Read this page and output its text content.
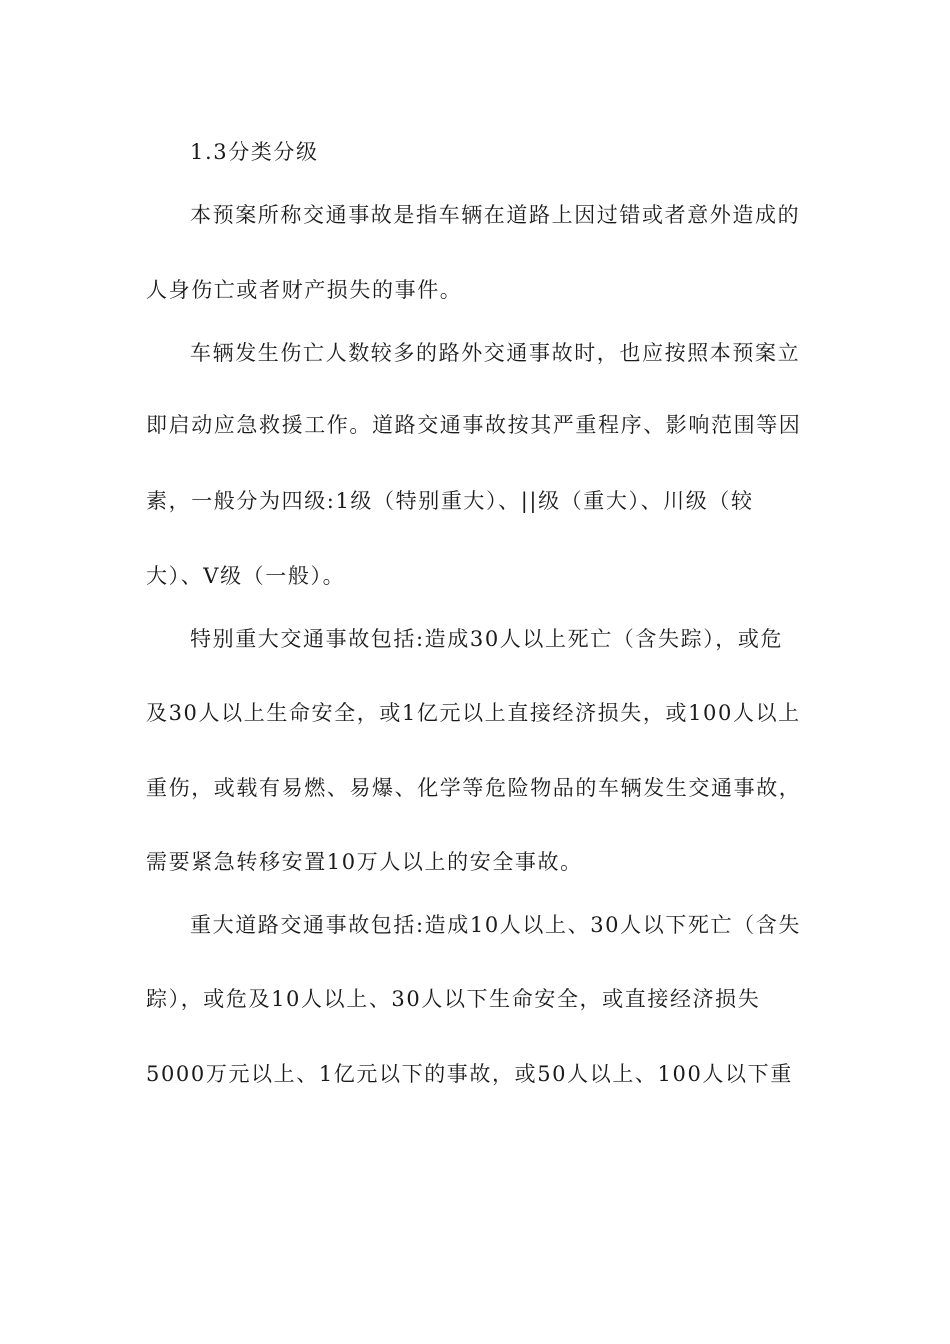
1.3分类分级
本预案所称交通事故是指车辆在道路上因过错或者意外造成的
人身伤亡或者财产损失的事件。
车辆发生伤亡人数较多的路外交通事故时，也应按照本预案立
即启动应急救援工作。道路交通事故按其严重程序、影响范围等因
素，一般分为四级:1级（特别重大）、||级（重大）、川级（较
大）、V级（一般）。
特别重大交通事故包括:造成30人以上死亡（含失踪），或危
及30人以上生命安全，或1亿元以上直接经济损失，或100人以上
重伤，或载有易燃、易爆、化学等危险物品的车辆发生交通事故，
需要紧急转移安置10万人以上的安全事故。
重大道路交通事故包括:造成10人以上、30人以下死亡（含失
踪），或危及10人以上、30人以下生命安全，或直接经济损失
5000万元以上、1亿元以下的事故，或50人以上、100人以下重
